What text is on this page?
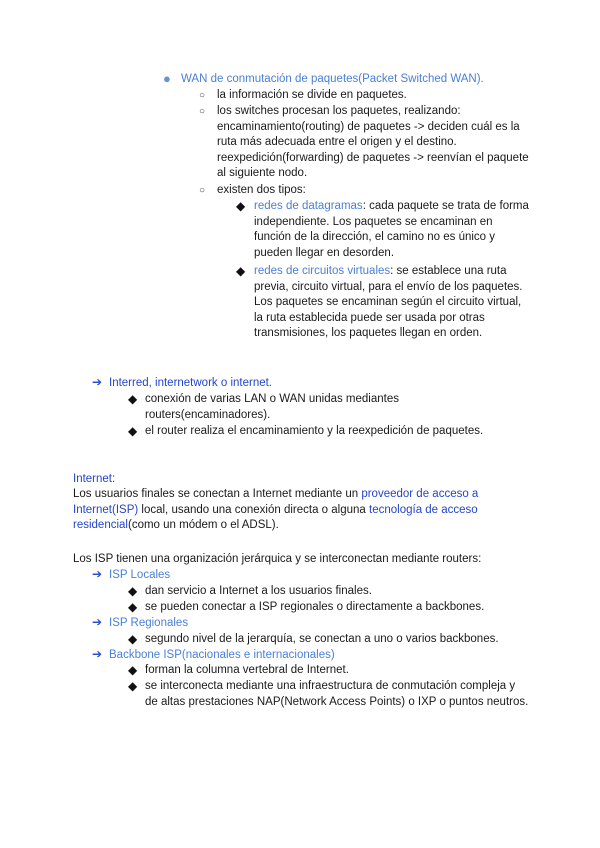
● WAN de conmutación de paquetes(Packet Switched WAN).
○ la información se divide en paquetes.
○ los switches procesan los paquetes, realizando: encaminamiento(routing) de paquetes -> deciden cuál es la ruta más adecuada entre el origen y el destino. reexpedición(forwarding) de paquetes -> reenvían el paquete al siguiente nodo.
○ existen dos tipos:
◆ redes de datagramas: cada paquete se trata de forma independiente. Los paquetes se encaminan en función de la dirección, el camino no es único y pueden llegar en desorden.
◆ redes de circuitos virtuales: se establece una ruta previa, circuito virtual, para el envío de los paquetes. Los paquetes se encaminan según el circuito virtual, la ruta establecida puede ser usada por otras transmisiones, los paquetes llegan en orden.
➔ Interred, internetwork o internet.
◆ conexión de varias LAN o WAN unidas mediantes routers(encaminadores).
◆ el router realiza el encaminamiento y la reexpedición de paquetes.
Internet:
Los usuarios finales se conectan a Internet mediante un proveedor de acceso a Internet(ISP) local, usando una conexión directa o alguna tecnología de acceso residencial(como un módem o el ADSL).
Los ISP tienen una organización jerárquica y se interconectan mediante routers:
➔ ISP Locales
◆ dan servicio a Internet a los usuarios finales.
◆ se pueden conectar a ISP regionales o directamente a backbones.
➔ ISP Regionales
◆ segundo nivel de la jerarquía, se conectan a uno o varios backbones.
➔ Backbone ISP(nacionales e internacionales)
◆ forman la columna vertebral de Internet.
◆ se interconecta mediante una infraestructura de conmutación compleja y de altas prestaciones NAP(Network Access Points) o IXP o puntos neutros.
